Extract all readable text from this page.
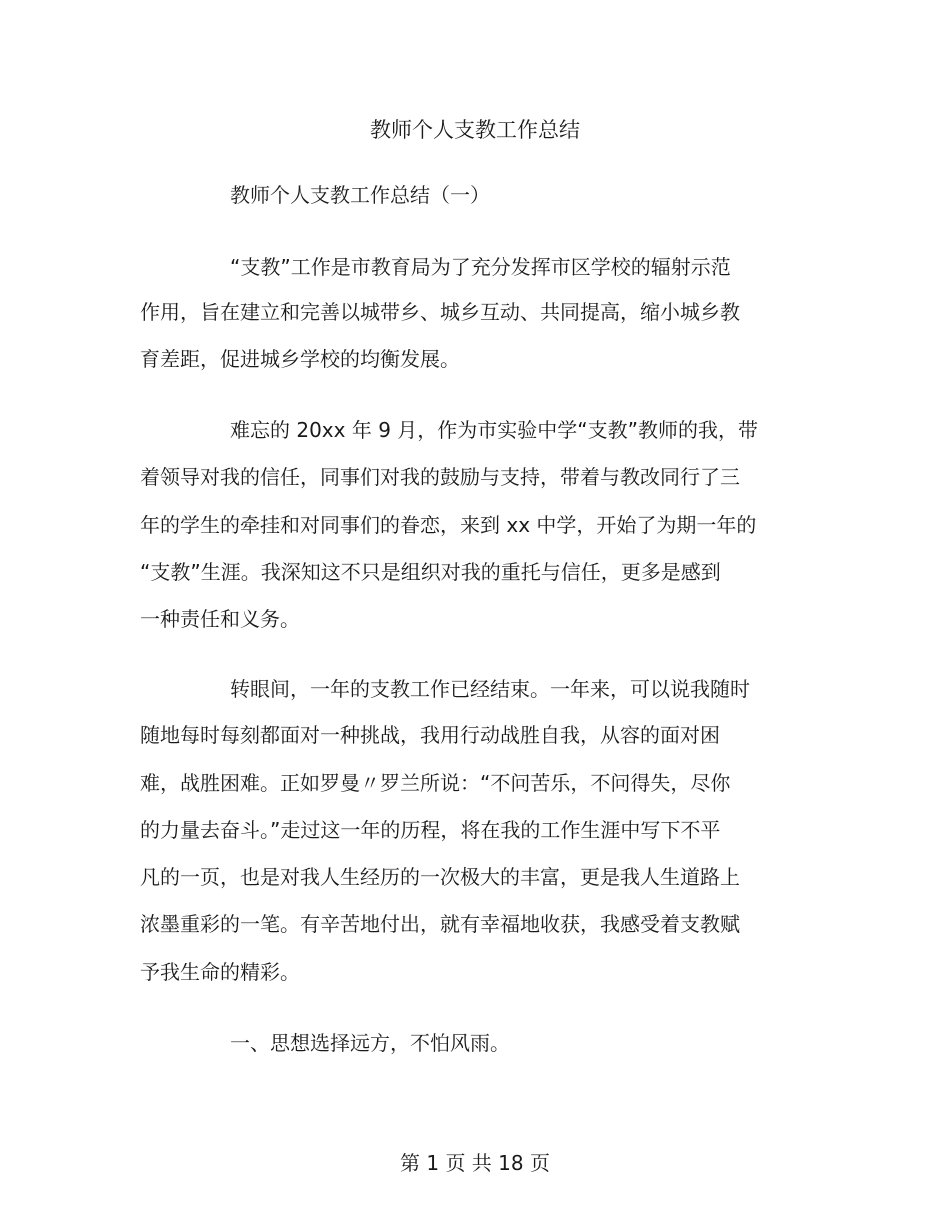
教师个人支教工作总结

教师个人支教工作总结（一）

“支教”工作是市教育局为了充分发挥市区学校的辐射示范

作用，旨在建立和完善以城带乡、城乡互动、共同提高，缩小城乡教

育差距，促进城乡学校的均衡发展。

难忘的 20xx 年 9 月，作为市实验中学“支教”教师的我，带

着领导对我的信任，同事们对我的鼓励与支持，带着与教改同行了三

年的学生的牵挂和对同事们的眷恋，来到 xx 中学，开始了为期一年的

“支教”生涯。我深知这不只是组织对我的重托与信任，更多是感到

一种责任和义务。

转眼间，一年的支教工作已经结束。一年来，可以说我随时

随地每时每刻都面对一种挑战，我用行动战胜自我，从容的面对困

难，战胜困难。正如罗曼〃罗兰所说：“不问苦乐，不问得失，尽你

的力量去奋斗。”走过这一年的历程，将在我的工作生涯中写下不平

凡的一页，也是对我人生经历的一次极大的丰富，更是我人生道路上

浓墨重彩的一笔。有辛苦地付出，就有幸福地收获，我感受着支教赋

予我生命的精彩。

一、思想选择远方，不怕风雨。

第 1 页 共 18 页
